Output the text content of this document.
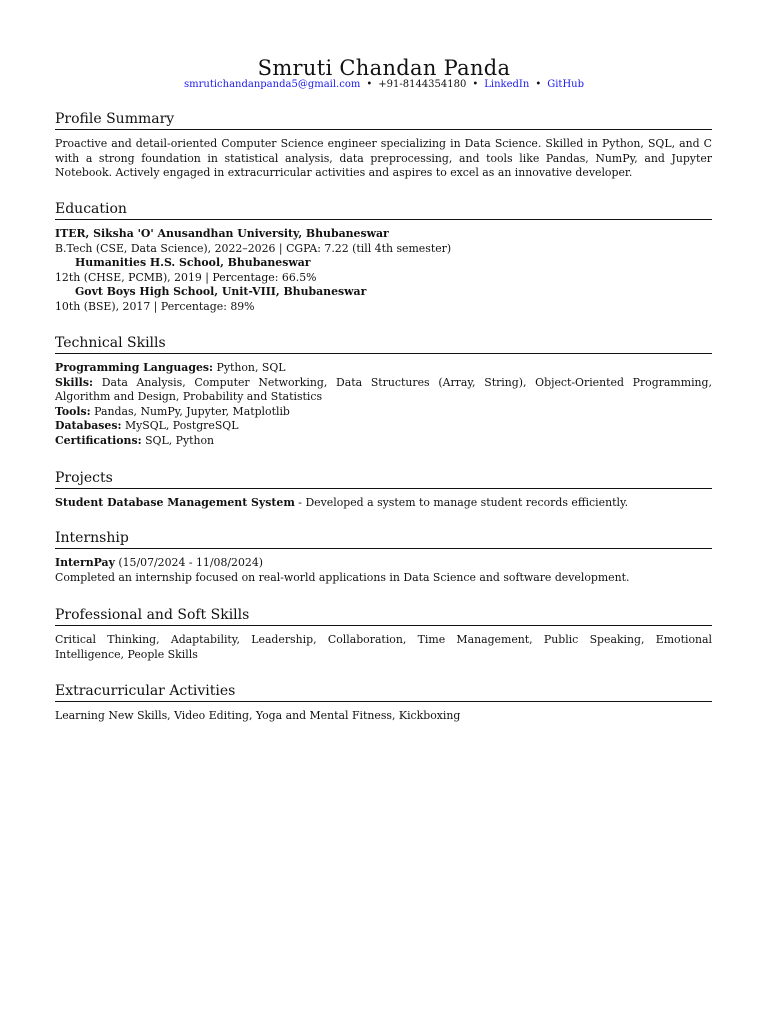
Smruti Chandan Panda
smrutichandanpanda5@gmail.com • +91-8144354180 • LinkedIn • GitHub
Profile Summary
Proactive and detail-oriented Computer Science engineer specializing in Data Science. Skilled in Python, SQL, and C with a strong foundation in statistical analysis, data preprocessing, and tools like Pandas, NumPy, and Jupyter Notebook. Actively engaged in extracurricular activities and aspires to excel as an innovative developer.
Education
ITER, Siksha 'O' Anusandhan University, Bhubaneswar
B.Tech (CSE, Data Science), 2022–2026 | CGPA: 7.22 (till 4th semester)
Humanities H.S. School, Bhubaneswar
12th (CHSE, PCMB), 2019 | Percentage: 66.5%
Govt Boys High School, Unit-VIII, Bhubaneswar
10th (BSE), 2017 | Percentage: 89%
Technical Skills
Programming Languages: Python, SQL
Skills: Data Analysis, Computer Networking, Data Structures (Array, String), Object-Oriented Programming, Algorithm and Design, Probability and Statistics
Tools: Pandas, NumPy, Jupyter, Matplotlib
Databases: MySQL, PostgreSQL
Certifications: SQL, Python
Projects
Student Database Management System - Developed a system to manage student records efficiently.
Internship
InternPay (15/07/2024 - 11/08/2024)
Completed an internship focused on real-world applications in Data Science and software development.
Professional and Soft Skills
Critical Thinking, Adaptability, Leadership, Collaboration, Time Management, Public Speaking, Emotional Intelligence, People Skills
Extracurricular Activities
Learning New Skills, Video Editing, Yoga and Mental Fitness, Kickboxing
